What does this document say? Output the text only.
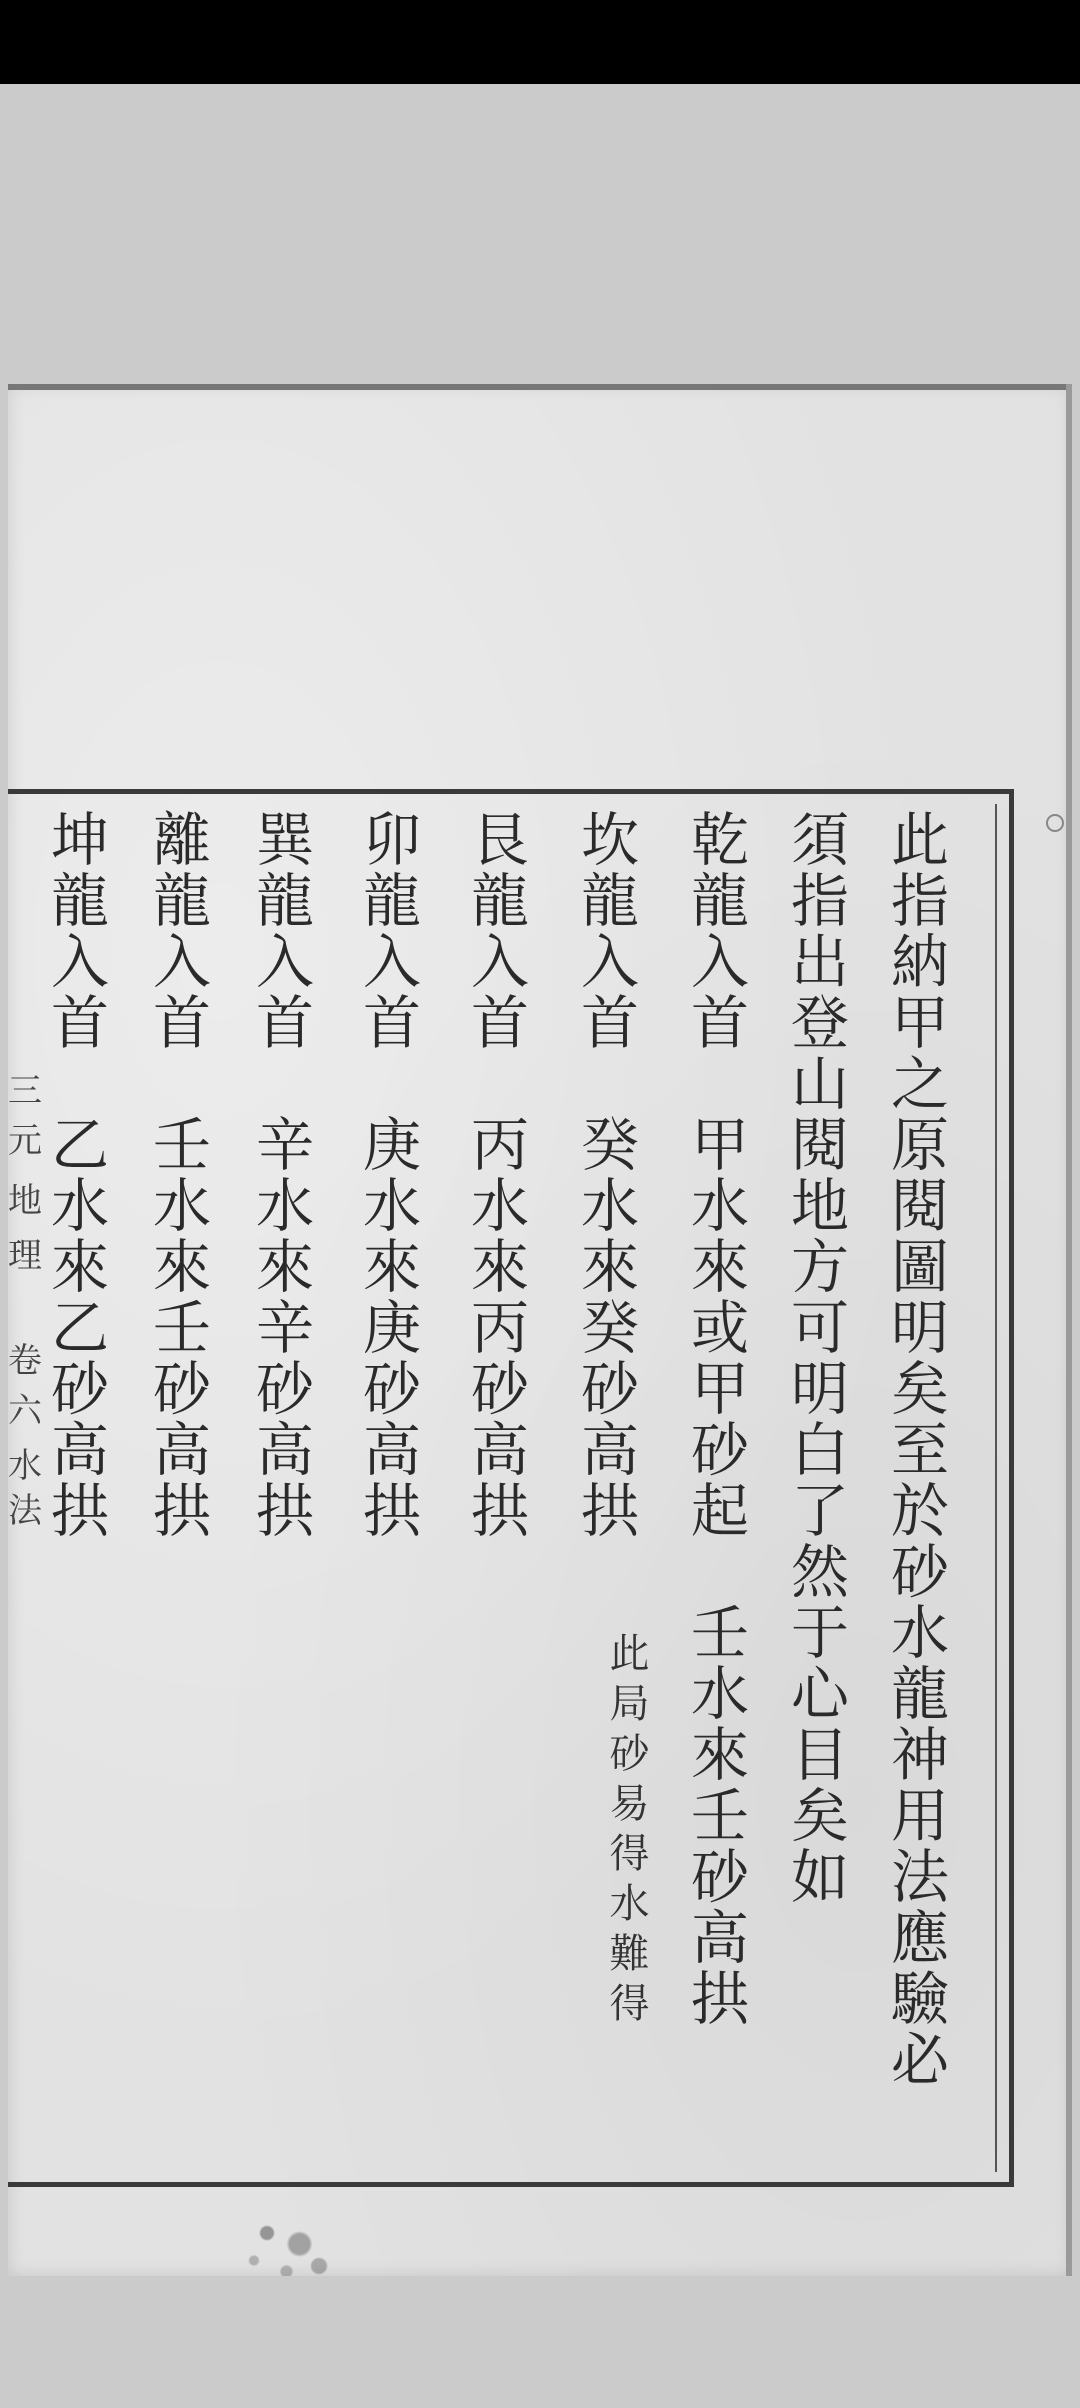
三
元
地
理
卷
六
水
法	此指納甲之原閱圖明矣至於砂水龍神用法應驗必
須指出登山閱地方可明白了然于心目矣如
乾龍入首　甲水來或甲砂起　壬水來壬砂高拱
此局砂易得水難得
坎龍入首　癸水來癸砂高拱
艮龍入首　丙水來丙砂高拱
卯龍入首　庚水來庚砂高拱
巽龍入首　辛水來辛砂高拱
離龍入首　壬水來壬砂高拱
坤龍入首　乙水來乙砂高拱
